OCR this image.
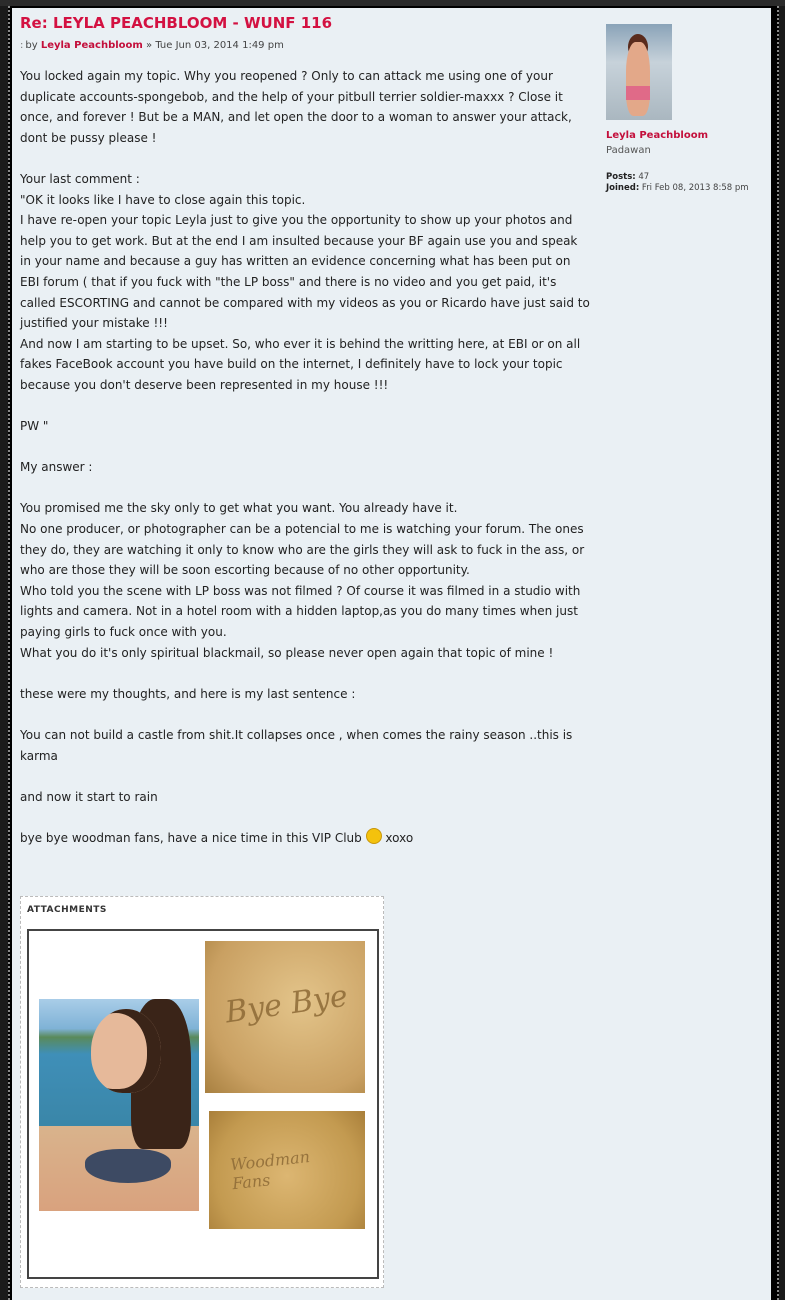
Re: LEYLA PEACHBLOOM - WUNF 116
: by Leyla Peachbloom » Tue Jun 03, 2014 1:49 pm

You locked again my topic. Why you reopened ? Only to can attack me using one of your duplicate accounts-spongebob, and the help of your pitbull terrier soldier-maxxx ? Close it once, and forever ! But be a MAN, and let open the door to a woman to answer your attack, dont be pussy please !

Your last comment :

"OK it looks like I have to close again this topic.

I have re-open your topic Leyla just to give you the opportunity to show up your photos and help you to get work. But at the end I am insulted because your BF again use you and speak in your name and because a guy has written an evidence concerning what has been put on EBI forum ( that if you fuck with "the LP boss" and there is no video and you get paid, it's called ESCORTING and cannot be compared with my videos as you or Ricardo have just said to justified your mistake !!!

And now I am starting to be upset. So, who ever it is behind the writting here, at EBI or on all fakes FaceBook account you have build on the internet, I definitely have to lock your topic because you don't deserve been represented in my house !!!

PW "

My answer :

You promised me the sky only to get what you want. You already have it.

No one producer, or photographer can be a potencial to me is watching your forum. The ones they do, they are watching it only to know who are the girls they will ask to fuck in the ass, or who are those they will be soon escorting because of no other opportunity.

Who told you the scene with LP boss was not filmed ? Of course it was filmed in a studio with lights and camera. Not in a hotel room with a hidden laptop,as you do many times when just paying girls to fuck once with you.

What you do it's only spiritual blackmail, so please never open again that topic of mine !

these were my thoughts, and here is my last sentence :

You can not build a castle from shit.It collapses once , when comes the rainy season ..this is karma

and now it start to rain

bye bye woodman fans, have a nice time in this VIP Club  xoxo

ATTACHMENTS
Bye Bye
Woodman Fans
Leyla Peachbloom
Padawan
Posts: 47
Joined: Fri Feb 08, 2013 8:58 pm
